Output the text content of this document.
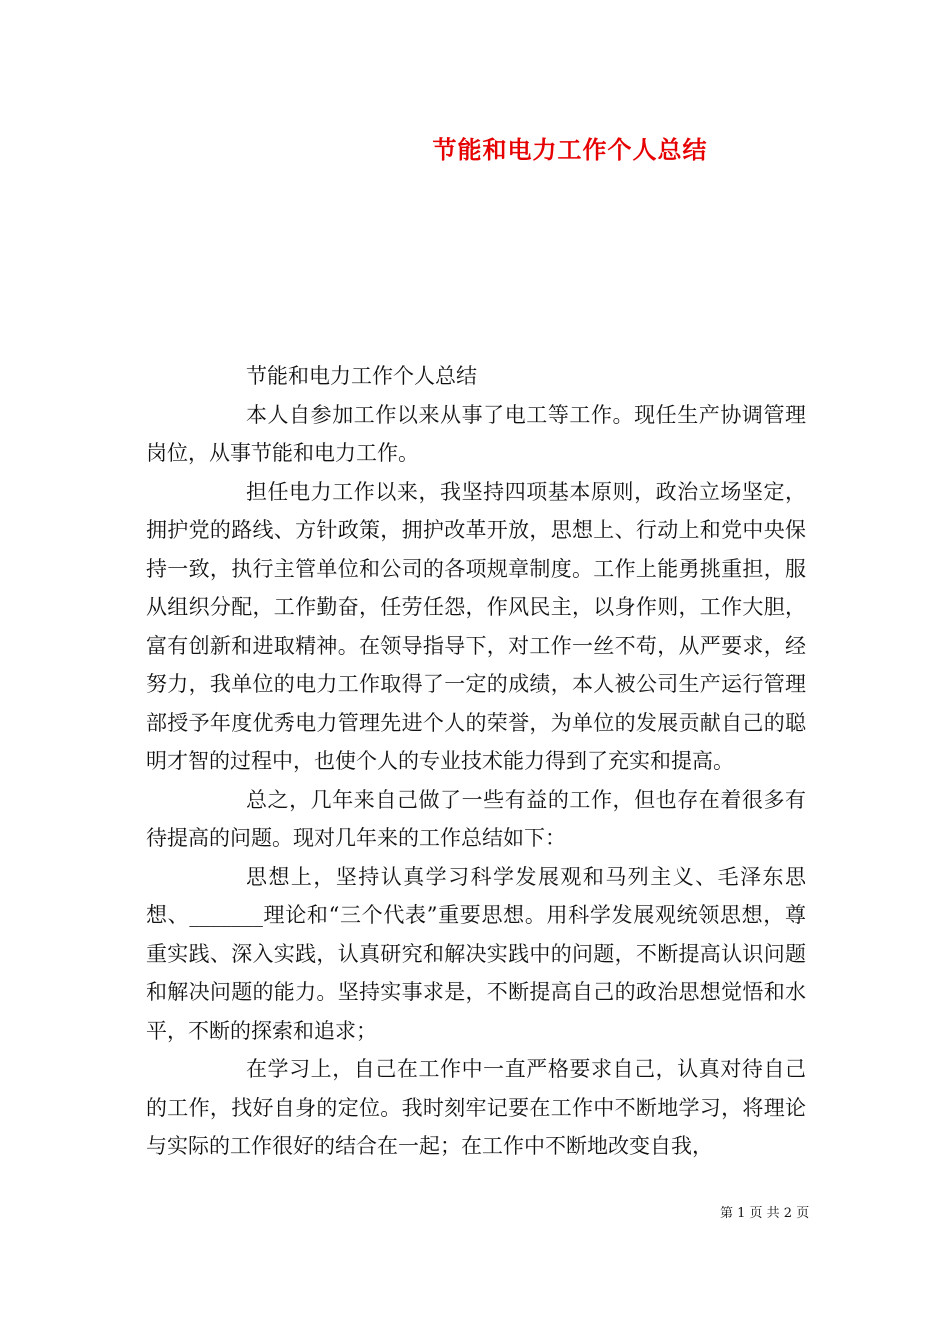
节能和电力工作个人总结

节能和电力工作个人总结

本人自参加工作以来从事了电工等工作。现任生产协调管理岗位，从事节能和电力工作。

担任电力工作以来，我坚持四项基本原则，政治立场坚定，拥护党的路线、方针政策，拥护改革开放，思想上、行动上和党中央保持一致，执行主管单位和公司的各项规章制度。工作上能勇挑重担，服从组织分配，工作勤奋，任劳任怨，作风民主，以身作则，工作大胆，富有创新和进取精神。在领导指导下，对工作一丝不苟，从严要求，经努力，我单位的电力工作取得了一定的成绩，本人被公司生产运行管理部授予年度优秀电力管理先进个人的荣誉，为单位的发展贡献自己的聪明才智的过程中，也使个人的专业技术能力得到了充实和提高。

总之，几年来自己做了一些有益的工作，但也存在着很多有待提高的问题。现对几年来的工作总结如下：

思想上，坚持认真学习科学发展观和马列主义、毛泽东思想、_______理论和“三个代表”重要思想。用科学发展观统领思想，尊重实践、深入实践，认真研究和解决实践中的问题，不断提高认识问题和解决问题的能力。坚持实事求是，不断提高自己的政治思想觉悟和水平，不断的探索和追求；

在学习上，自己在工作中一直严格要求自己，认真对待自己的工作，找好自身的定位。我时刻牢记要在工作中不断地学习，将理论与实际的工作很好的结合在一起；在工作中不断地改变自我，

第 1 页 共 2 页
